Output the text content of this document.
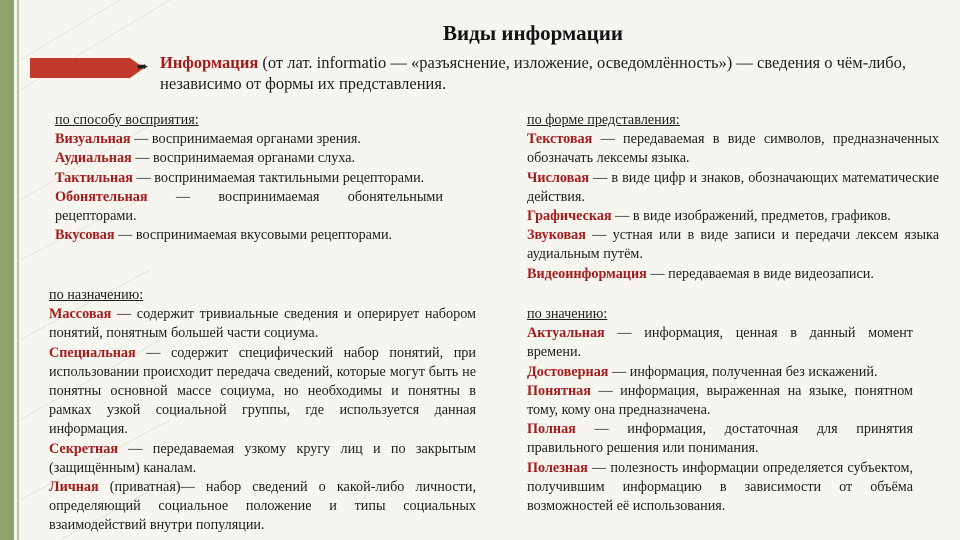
Виды информации
➨ Информация (от лат. informatio — «разъяснение, изложение, осведомлённость») — сведения о чём-либо, независимо от формы их представления.
по способу восприятия:
Визуальная — воспринимаемая органами зрения.
Аудиальная — воспринимаемая органами слуха.
Тактильная — воспринимаемая тактильными рецепторами.
Обонятельная — воспринимаемая обонятельными рецепторами.
Вкусовая — воспринимаемая вкусовыми рецепторами.
по форме представления:
Текстовая — передаваемая в виде символов, предназначенных обозначать лексемы языка.
Числовая — в виде цифр и знаков, обозначающих математические действия.
Графическая — в виде изображений, предметов, графиков.
Звуковая — устная или в виде записи и передачи лексем языка аудиальным путём.
Видеоинформация — передаваемая в виде видеозаписи.
по назначению:
Массовая — содержит тривиальные сведения и оперирует набором понятий, понятным большей части социума.
Специальная — содержит специфический набор понятий, при использовании происходит передача сведений, которые могут быть не понятны основной массе социума, но необходимы и понятны в рамках узкой социальной группы, где используется данная информация.
Секретная — передаваемая узкому кругу лиц и по закрытым (защищённым) каналам.
Личная (приватная)— набор сведений о какой-либо личности, определяющий социальное положение и типы социальных взаимодействий внутри популяции.
по значению:
Актуальная — информация, ценная в данный момент времени.
Достоверная — информация, полученная без искажений.
Понятная — информация, выраженная на языке, понятном тому, кому она предназначена.
Полная — информация, достаточная для принятия правильного решения или понимания.
Полезная — полезность информации определяется субъектом, получившим информацию в зависимости от объёма возможностей её использования.
